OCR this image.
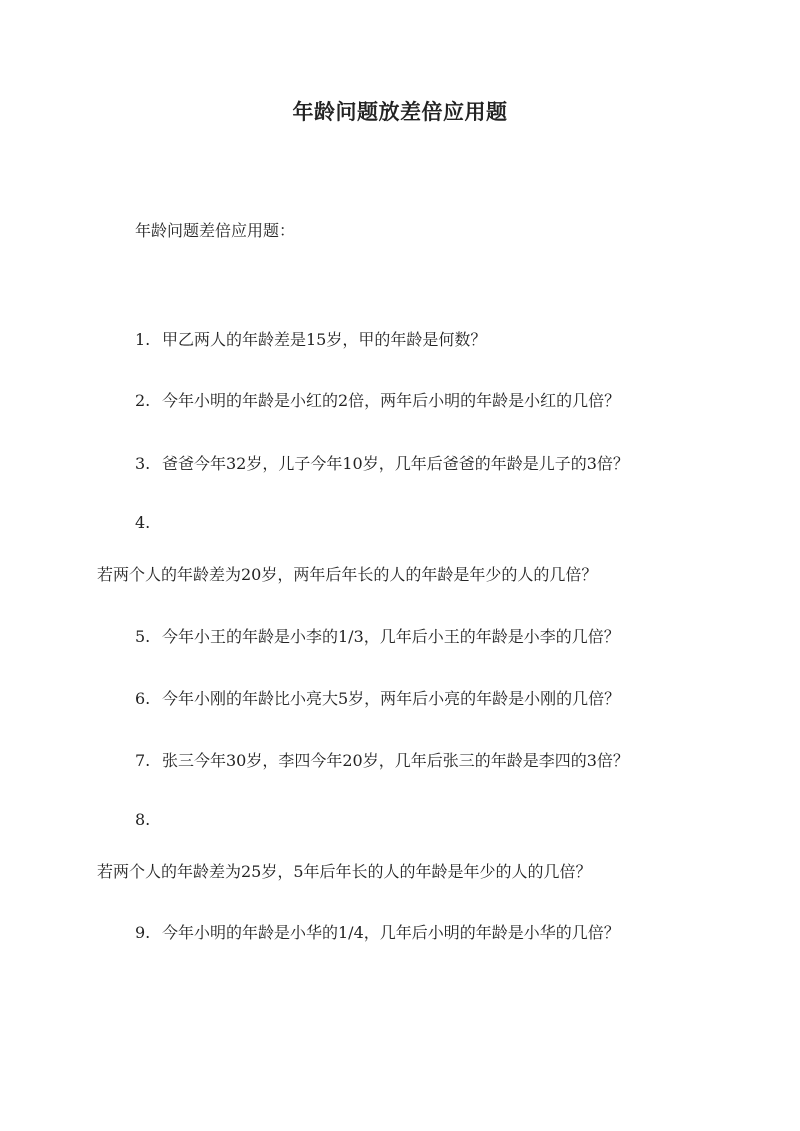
年龄问题放差倍应用题

年龄问题差倍应用题：

1. 甲乙两人的年龄差是15岁，甲的年龄是何数？

2. 今年小明的年龄是小红的2倍，两年后小明的年龄是小红的几倍？

3. 爸爸今年32岁，儿子今年10岁，几年后爸爸的年龄是儿子的3倍？

4.

若两个人的年龄差为20岁，两年后年长的人的年龄是年少的人的几倍？

5. 今年小王的年龄是小李的1/3，几年后小王的年龄是小李的几倍？

6. 今年小刚的年龄比小亮大5岁，两年后小亮的年龄是小刚的几倍？

7. 张三今年30岁，李四今年20岁，几年后张三的年龄是李四的3倍？

8.

若两个人的年龄差为25岁，5年后年长的人的年龄是年少的人的几倍？

9. 今年小明的年龄是小华的1/4，几年后小明的年龄是小华的几倍？
